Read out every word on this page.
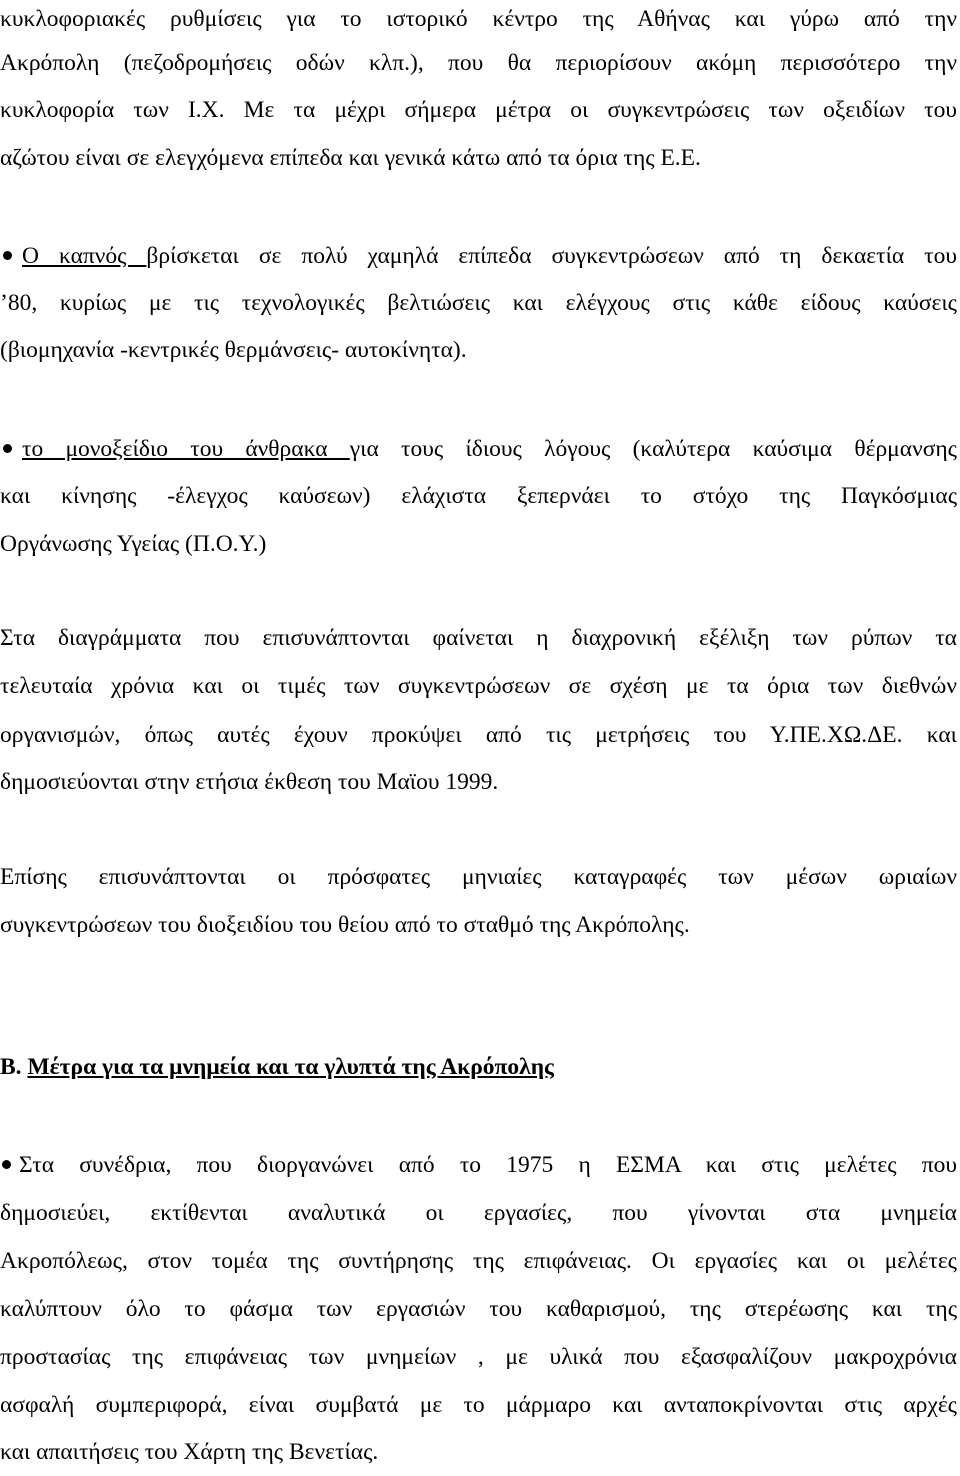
κυκλοφοριακές ρυθμίσεις για το ιστορικό κέντρο της Αθήνας και γύρω από την
Ακρόπολη (πεζοδρομήσεις οδών κλπ.), που θα περιορίσουν ακόμη περισσότερο την
κυκλοφορία των Ι.Χ. Με τα μέχρι σήμερα μέτρα οι συγκεντρώσεις των οξειδίων του
αζώτου είναι σε ελεγχόμενα επίπεδα και γενικά κάτω από τα όρια της Ε.Ε.
Ο καπνός βρίσκεται σε πολύ χαμηλά επίπεδα συγκεντρώσεων από τη δεκαετία του
’80, κυρίως με τις τεχνολογικές βελτιώσεις και ελέγχους στις κάθε είδους καύσεις
(βιομηχανία -κεντρικές θερμάνσεις- αυτοκίνητα).
το μονοξείδιο του άνθρακα για τους ίδιους λόγους (καλύτερα καύσιμα θέρμανσης
και κίνησης -έλεγχος καύσεων) ελάχιστα ξεπερνάει το στόχο της Παγκόσμιας
Οργάνωσης Υγείας (Π.Ο.Υ.)
Στα διαγράμματα που επισυνάπτονται φαίνεται η διαχρονική εξέλιξη των ρύπων τα
τελευταία χρόνια και οι τιμές των συγκεντρώσεων σε σχέση με τα όρια των διεθνών
οργανισμών, όπως αυτές έχουν προκύψει από τις μετρήσεις του Υ.ΠΕ.ΧΩ.ΔΕ. και
δημοσιεύονται στην ετήσια έκθεση του Μαϊου 1999.
Επίσης επισυνάπτονται οι πρόσφατες μηνιαίες καταγραφές των μέσων ωριαίων
συγκεντρώσεων του διοξειδίου του θείου από το σταθμό της Ακρόπολης.
Β. Μέτρα για τα μνημεία και τα γλυπτά της Ακρόπολης
Στα συνέδρια, που διοργανώνει από το 1975 η ΕΣΜΑ και στις μελέτες που
δημοσιεύει, εκτίθενται αναλυτικά οι εργασίες, που γίνονται στα μνημεία
Ακροπόλεως, στον τομέα της συντήρησης της επιφάνειας. Οι εργασίες και οι μελέτες
καλύπτουν όλο το φάσμα των εργασιών του καθαρισμού, της στερέωσης και της
προστασίας της επιφάνειας των μνημείων , με υλικά που εξασφαλίζουν μακροχρόνια
ασφαλή συμπεριφορά, είναι συμβατά με το μάρμαρο και ανταποκρίνονται στις αρχές
και απαιτήσεις του Χάρτη της Βενετίας.
